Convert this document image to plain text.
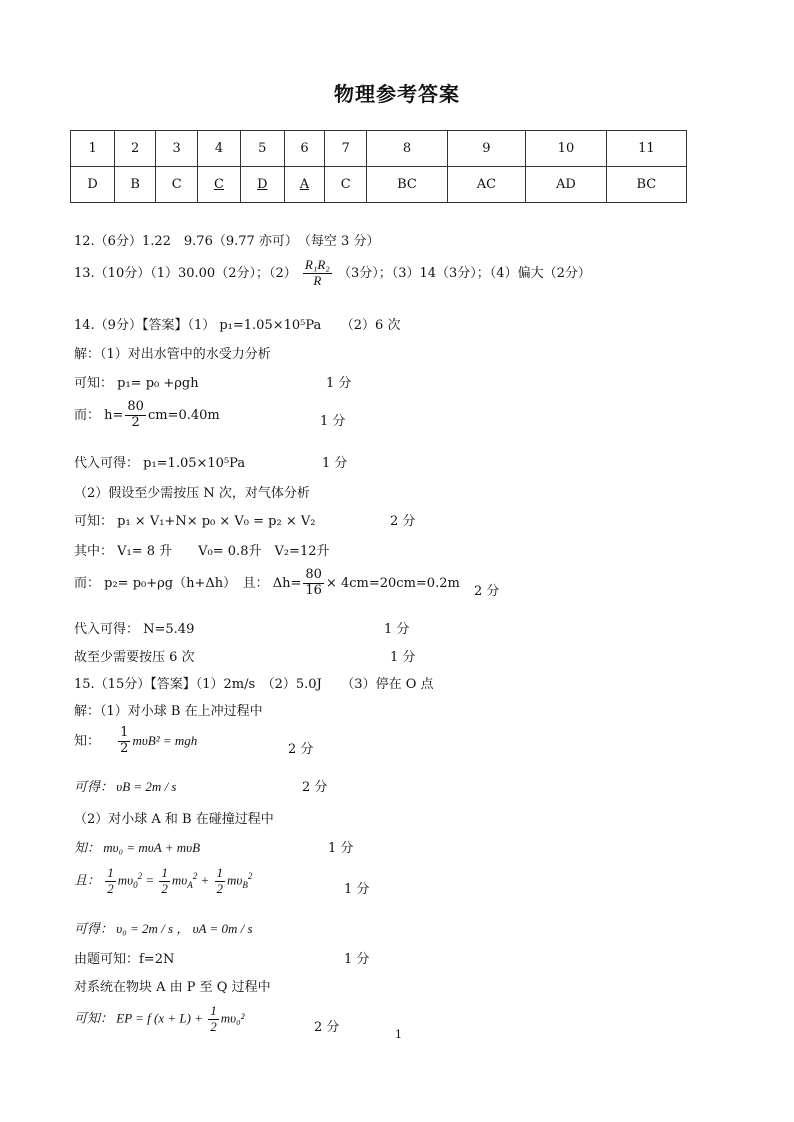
物理参考答案
1	2	3	4	5	6	7	8	9	10	11
D	B	C	C	D	A	C	BC	AC	AD	BC
12.（6分）1.22　9.76（9.77 亦可）　（每空 3 分）
13.（10分）（1）30.00（2分）；$(2) \frac{\text{R₁R₂}}{R} (3$分）；（3）14（3分）；（4）偏大（2分）
14.（9分）【答案】（1） p₁=1.05×10⁵Pa　　（2）6 次
解：（1）对出水管中的水受力分析
可知： p₁= p₀ +ρgh	1 分
而： $h= \frac{80}{2} cm=0.40m$	1 分
代入可得： p₁=1.05×10⁵Pa	1 分
（2）假设至少需按压 N 次，对气体分析
可知： p₁ × V₁+N× p₀ × V₀ = p₂ × V₂	2 分
其中： V₁= 8 升　　V₀= 0.8升　V₂=12升
而： p₂= p₀+ρg（h+Δh）　且： $\Delta h= \frac{80}{16} \times 4cm=20cm=0.2m$
2 分
代入可得： N=5.49	1 分
故至少需要按压 6 次	1 分
15.（15分）【答案】（1）2m/s　（2）5.0J　　（3）停在 O 点
解：（1）对小球 B 在上冲过程中
知： $\frac{1}{2} m\upsilon B^2$ = mgh
2 分
可得： υB = 2m / s	2 分
（2）对小球 A 和 B 在碰撞过程中
知： mυ₀ = mυA + mυB	1 分
且： $\frac{1}{2} m\upsilon_0^2 = \frac{1}{2} m\upsilon_A^2 + \frac{1}{2} m\upsilon_B^2$
1 分
可得： υ₀ = 2m / s ， υA = 0m / s
由题可知：f=2N	1 分
对系统在物块 A 由 P 至 Q 过程中
可知： EP = f $(x + L) + \frac{1}{2} m\upsilon_0^2$
2 分	1
